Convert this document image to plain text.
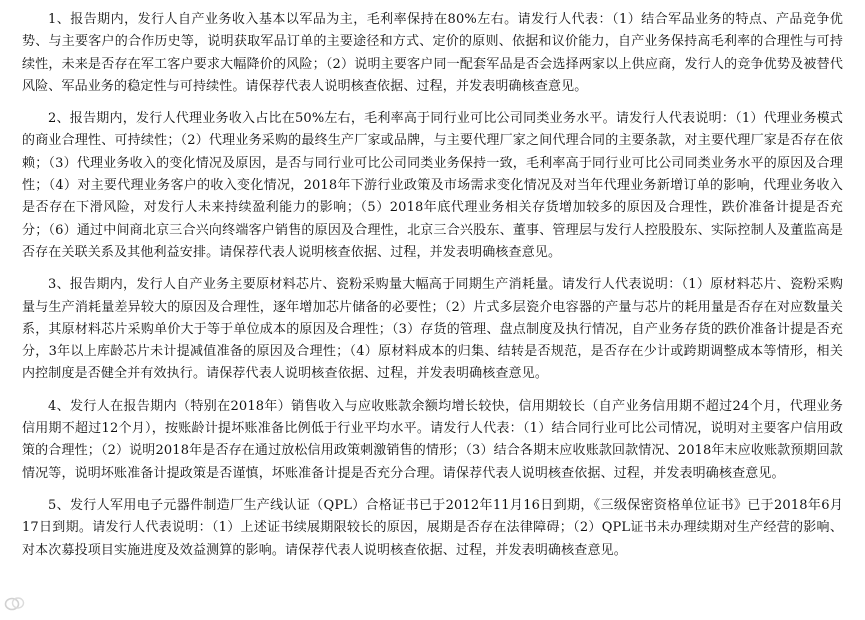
1、报告期内，发行人自产业务收入基本以军品为主，毛利率保持在80%左右。请发行人代表：（1）结合军品业务的特点、产品竞争优势、与主要客户的合作历史等，说明获取军品订单的主要途径和方式、定价的原则、依据和议价能力，自产业务保持高毛利率的合理性与可持续性，未来是否存在军工客户要求大幅降价的风险；（2）说明主要客户同一配套军品是否会选择两家以上供应商，发行人的竞争优势及被替代风险、军品业务的稳定性与可持续性。请保荐代表人说明核查依据、过程，并发表明确核查意见。

2、报告期内，发行人代理业务收入占比在50%左右，毛利率高于同行业可比公司同类业务水平。请发行人代表说明：（1）代理业务模式的商业合理性、可持续性；（2）代理业务采购的最终生产厂家或品牌，与主要代理厂家之间代理合同的主要条款，对主要代理厂家是否存在依赖；（3）代理业务收入的变化情况及原因，是否与同行业可比公司同类业务保持一致，毛利率高于同行业可比公司同类业务水平的原因及合理性；（4）对主要代理业务客户的收入变化情况，2018年下游行业政策及市场需求变化情况及对当年代理业务新增订单的影响，代理业务收入是否存在下滑风险，对发行人未来持续盈利能力的影响；（5）2018年底代理业务相关存货增加较多的原因及合理性，跌价准备计提是否充分；（6）通过中间商北京三合兴向终端客户销售的原因及合理性，北京三合兴股东、董事、管理层与发行人控股股东、实际控制人及董监高是否存在关联关系及其他利益安排。请保荐代表人说明核查依据、过程，并发表明确核查意见。

3、报告期内，发行人自产业务主要原材料芯片、瓷粉采购量大幅高于同期生产消耗量。请发行人代表说明：（1）原材料芯片、瓷粉采购量与生产消耗量差异较大的原因及合理性，逐年增加芯片储备的必要性；（2）片式多层瓷介电容器的产量与芯片的耗用量是否存在对应数量关系，其原材料芯片采购单价大于等于单位成本的原因及合理性；（3）存货的管理、盘点制度及执行情况，自产业务存货的跌价准备计提是否充分，3年以上库龄芯片未计提减值准备的原因及合理性；（4）原材料成本的归集、结转是否规范，是否存在少计或跨期调整成本等情形，相关内控制度是否健全并有效执行。请保荐代表人说明核查依据、过程，并发表明确核查意见。

4、发行人在报告期内（特别在2018年）销售收入与应收账款余额均增长较快，信用期较长（自产业务信用期不超过24个月，代理业务信用期不超过12个月），按账龄计提坏账准备比例低于行业平均水平。请发行人代表：（1）结合同行业可比公司情况，说明对主要客户信用政策的合理性；（2）说明2018年是否存在通过放松信用政策刺激销售的情形；（3）结合各期末应收账款回款情况、2018年末应收账款预期回款情况等，说明坏账准备计提政策是否谨慎，坏账准备计提是否充分合理。请保荐代表人说明核查依据、过程，并发表明确核查意见。

5、发行人军用电子元器件制造厂生产线认证（QPL）合格证书已于2012年11月16日到期，《三级保密资格单位证书》已于2018年6月17日到期。请发行人代表说明：（1）上述证书续展期限较长的原因，展期是否存在法律障碍；（2）QPL证书未办理续期对生产经营的影响、对本次募投项目实施进度及效益测算的影响。请保荐代表人说明核查依据、过程，并发表明确核查意见。
